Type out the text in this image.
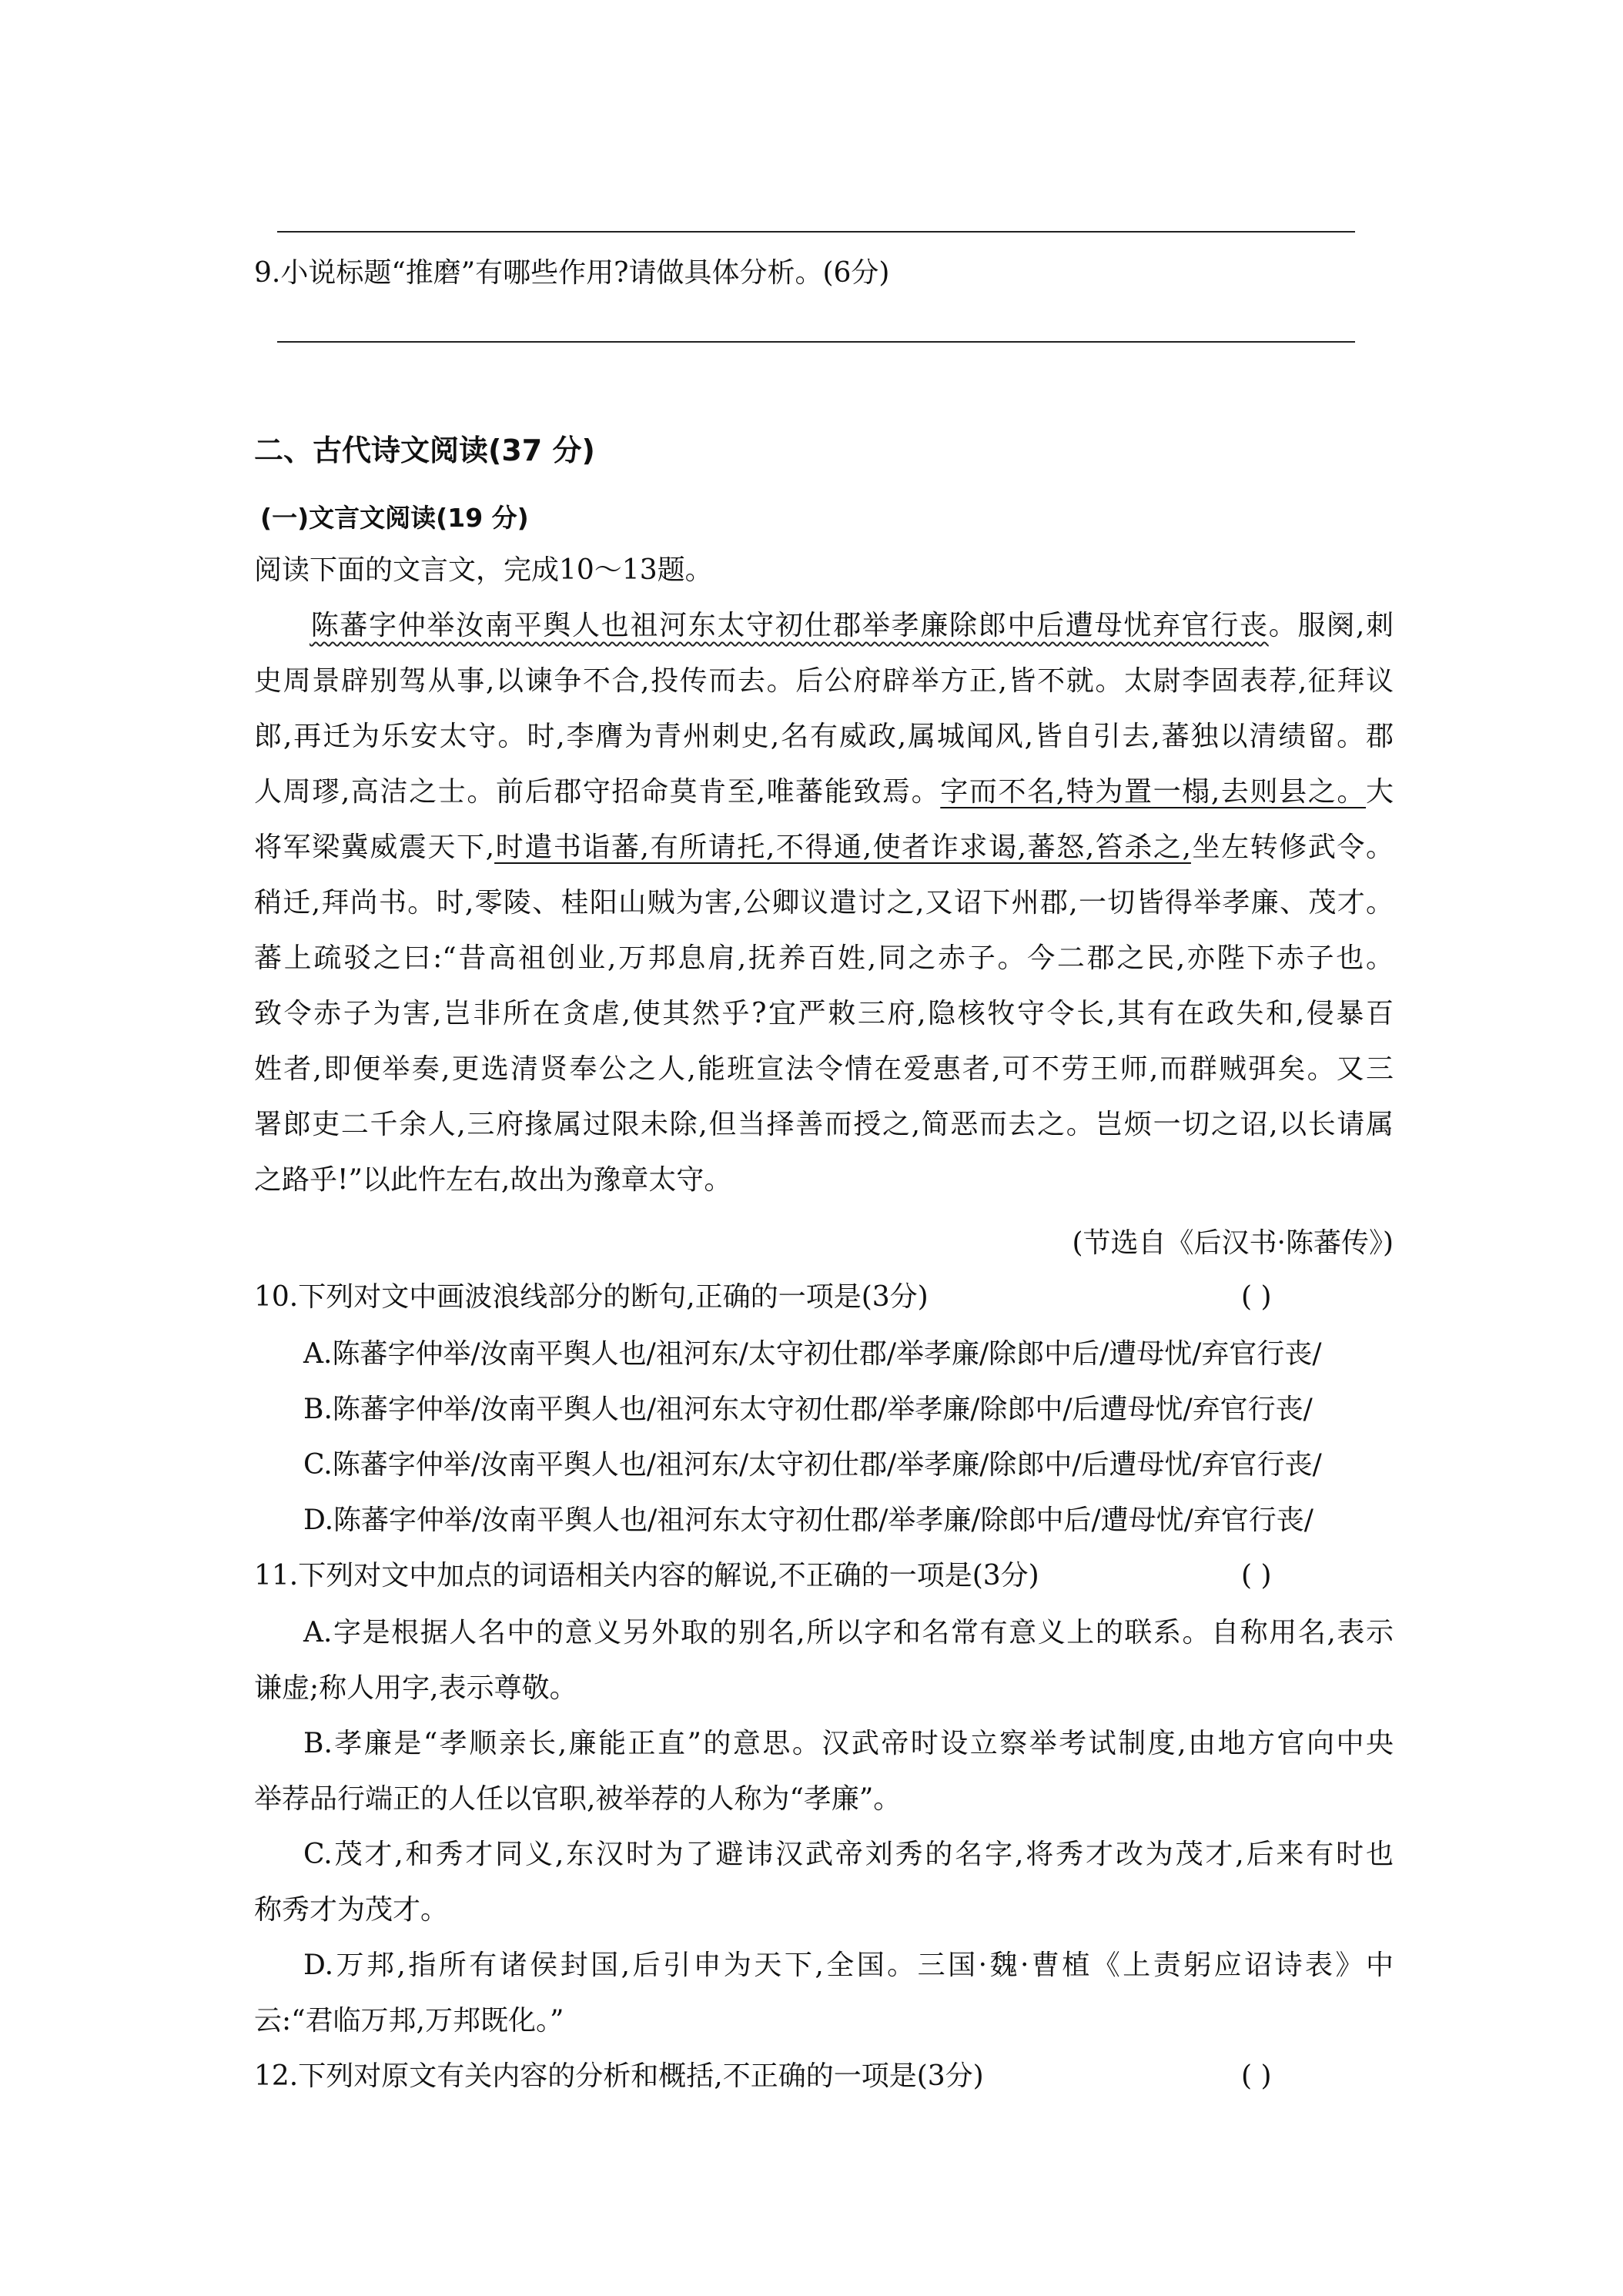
9.小说标题“推磨”有哪些作用?请做具体分析。(6分)
二、古代诗文阅读(37 分)
(一)文言文阅读(19 分)
阅读下面的文言文，完成10～13题。
陈蕃字仲举汝南平舆人也祖河东太守初仕郡举孝廉除郎中后遭母忧弃官行丧。服阕,刺
史周景辟别驾从事,以谏争不合,投传而去。后公府辟举方正,皆不就。太尉李固表荐,征拜议
郎,再迁为乐安太守。时,李膺为青州刺史,名有威政,属城闻风,皆自引去,蕃独以清绩留。郡
人周璆,高洁之士。前后郡守招命莫肯至,唯蕃能致焉。字而不名,特为置一榻,去则县之。大
将军梁冀威震天下,时遣书诣蕃,有所请托,不得通,使者诈求谒,蕃怒,笞杀之,坐左转修武令。
稍迁,拜尚书。时,零陵、桂阳山贼为害,公卿议遣讨之,又诏下州郡,一切皆得举孝廉、茂才。
蕃上疏驳之曰:“昔高祖创业,万邦息肩,抚养百姓,同之赤子。今二郡之民,亦陛下赤子也。
致令赤子为害,岂非所在贪虐,使其然乎?宜严敕三府,隐核牧守令长,其有在政失和,侵暴百
姓者,即便举奏,更选清贤奉公之人,能班宣法令情在爱惠者,可不劳王师,而群贼弭矣。又三
署郎吏二千余人,三府掾属过限未除,但当择善而授之,简恶而去之。岂烦一切之诏,以长请属
之路乎!”以此忤左右,故出为豫章太守。
(节选自《后汉书·陈蕃传》)
10.下列对文中画波浪线部分的断句,正确的一项是(3分)	( )
A.陈蕃字仲举/汝南平舆人也/祖河东/太守初仕郡/举孝廉/除郎中后/遭母忧/弃官行丧/
B.陈蕃字仲举/汝南平舆人也/祖河东太守初仕郡/举孝廉/除郎中/后遭母忧/弃官行丧/
C.陈蕃字仲举/汝南平舆人也/祖河东/太守初仕郡/举孝廉/除郎中/后遭母忧/弃官行丧/
D.陈蕃字仲举/汝南平舆人也/祖河东太守初仕郡/举孝廉/除郎中后/遭母忧/弃官行丧/
11.下列对文中加点的词语相关内容的解说,不正确的一项是(3分)	( )
A.字是根据人名中的意义另外取的别名,所以字和名常有意义上的联系。自称用名,表示
谦虚;称人用字,表示尊敬。
B.孝廉是“孝顺亲长,廉能正直”的意思。汉武帝时设立察举考试制度,由地方官向中央
举荐品行端正的人任以官职,被举荐的人称为“孝廉”。
C.茂才,和秀才同义,东汉时为了避讳汉武帝刘秀的名字,将秀才改为茂才,后来有时也
称秀才为茂才。
D.万邦,指所有诸侯封国,后引申为天下,全国。三国·魏·曹植《上责躬应诏诗表》中
云:“君临万邦,万邦既化。”
12.下列对原文有关内容的分析和概括,不正确的一项是(3分)	( )
